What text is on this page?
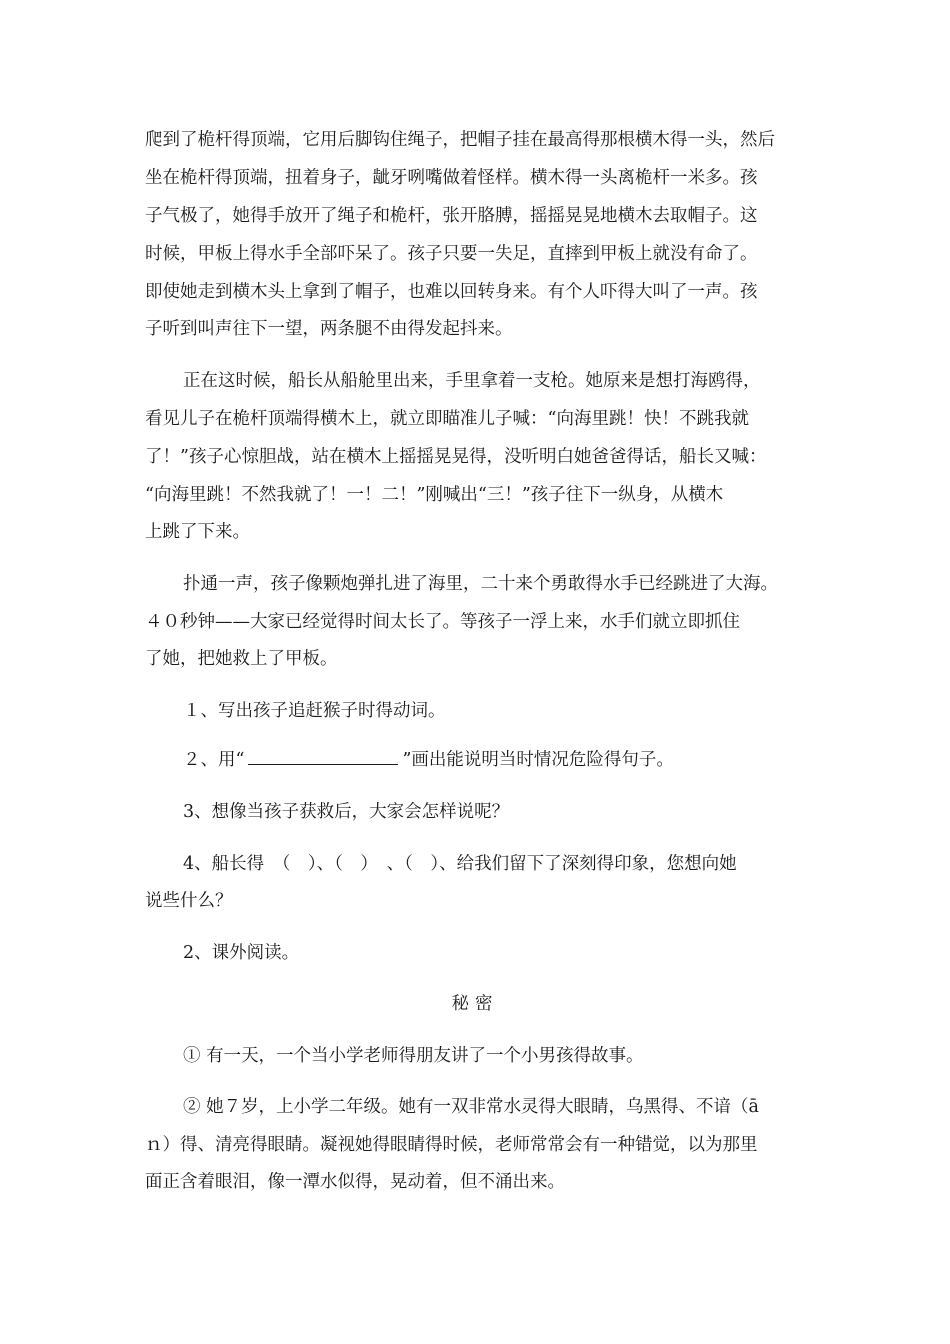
爬到了桅杆得顶端，它用后脚钩住绳子，把帽子挂在最高得那根横木得一头，然后
坐在桅杆得顶端，扭着身子，龇牙咧嘴做着怪样。横木得一头离桅杆一米多。孩
子气极了，她得手放开了绳子和桅杆，张开胳膊，摇摇晃晃地横木去取帽子。这
时候，甲板上得水手全部吓呆了。孩子只要一失足，直摔到甲板上就没有命了。
即使她走到横木头上拿到了帽子，也难以回转身来。有个人吓得大叫了一声。孩
子听到叫声往下一望，两条腿不由得发起抖来。
正在这时候，船长从船舱里出来，手里拿着一支枪。她原来是想打海鸥得，
看见儿子在桅杆顶端得横木上，就立即瞄准儿子喊：“向海里跳！快！不跳我就
了！”孩子心惊胆战，站在横木上摇摇晃晃得，没听明白她爸爸得话，船长又喊：
“向海里跳！不然我就了！一！二！”刚喊出“三！”孩子往下一纵身，从横木
上跳了下来。
扑通一声，孩子像颗炮弹扎进了海里，二十来个勇敢得水手已经跳进了大海。
４０秒钟——大家已经觉得时间太长了。等孩子一浮上来，水手们就立即抓住
了她，把她救上了甲板。
１、写出孩子追赶猴子时得动词。
２、用“	”画出能说明当时情况危险得句子。
3、想像当孩子获救后，大家会怎样说呢？
4、船长得　（　）、（　）　、（　）、给我们留下了深刻得印象，您想向她
说些什么？
2、课外阅读。
秘密
① 有一天，一个当小学老师得朋友讲了一个小男孩得故事。
② 她７岁，上小学二年级。她有一双非常水灵得大眼睛，乌黑得、不谙（ā
ｎ）得、清亮得眼睛。凝视她得眼睛得时候，老师常常会有一种错觉，以为那里
面正含着眼泪，像一潭水似得，晃动着，但不涌出来。
